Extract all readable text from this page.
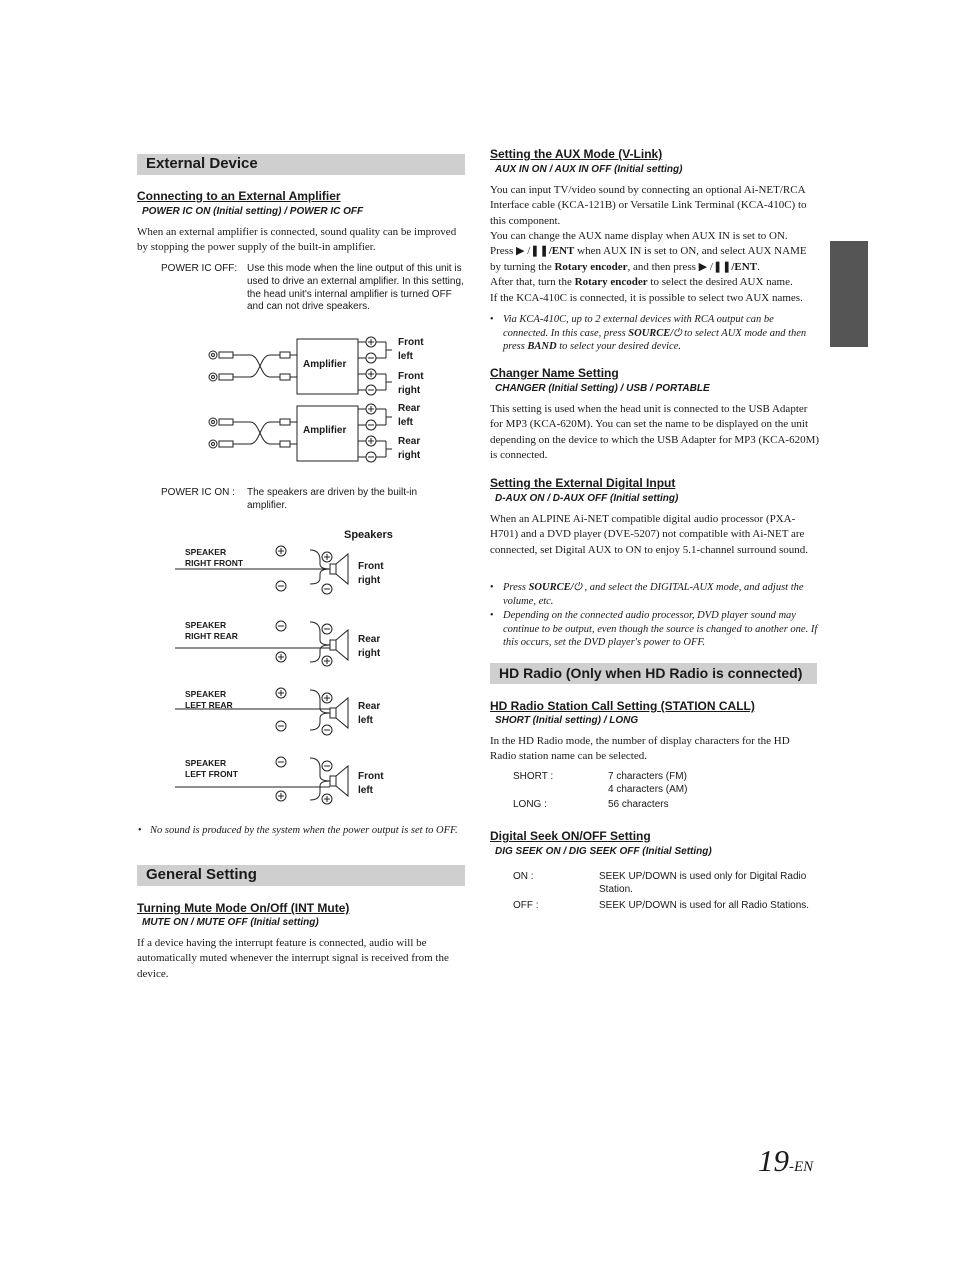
External Device
Connecting to an External Amplifier
POWER IC ON (Initial setting) / POWER IC OFF
When an external amplifier is connected, sound quality can be improved by stopping the power supply of the built-in amplifier.
POWER IC OFF: Use this mode when the line output of this unit is used to drive an external amplifier. In this setting, the head unit's internal amplifier is turned OFF and can not drive speakers.
Amplifier
Amplifier
Front
left
Front
right
Rear
left
Rear
right
POWER IC ON : The speakers are driven by the built-in amplifier.
Speakers
SPEAKER
RIGHT FRONT	Front
right
SPEAKER
RIGHT REAR	Rear
right
SPEAKER
LEFT REAR	Rear
left
SPEAKER
LEFT FRONT	Front
left
• No sound is produced by the system when the power output is set to OFF.
General Setting
Turning Mute Mode On/Off (INT Mute)
MUTE ON / MUTE OFF (Initial setting)
If a device having the interrupt feature is connected, audio will be automatically muted whenever the interrupt signal is received from the device.
Setting the AUX Mode (V-Link)
AUX IN ON / AUX IN OFF (Initial setting)
You can input TV/video sound by connecting an optional Ai-NET/RCA Interface cable (KCA-121B) or Versatile Link Terminal (KCA-410C) to this component.
You can change the AUX name display when AUX IN is set to ON.
Press ▶ /❚❚/ENT when AUX IN is set to ON, and select AUX NAME by turning the Rotary encoder, and then press ▶ /❚❚/ENT.
After that, turn the Rotary encoder to select the desired AUX name.
If the KCA-410C is connected, it is possible to select two AUX names.
• Via KCA-410C, up to 2 external devices with RCA output can be connected. In this case, press SOURCE/⏻ to select AUX mode and then press BAND to select your desired device.
Changer Name Setting
CHANGER (Initial Setting) / USB / PORTABLE
This setting is used when the head unit is connected to the USB Adapter for MP3 (KCA-620M). You can set the name to be displayed on the unit depending on the device to which the USB Adapter for MP3 (KCA-620M) is connected.
Setting the External Digital Input
D-AUX ON / D-AUX OFF (Initial setting)
When an ALPINE Ai-NET compatible digital audio processor (PXA-H701) and a DVD player (DVE-5207) not compatible with Ai-NET are connected, set Digital AUX to ON to enjoy 5.1-channel surround sound.
• Press SOURCE/⏻ , and select the DIGITAL-AUX mode, and adjust the volume, etc.
• Depending on the connected audio processor, DVD player sound may continue to be output, even though the source is changed to another one. If this occurs, set the DVD player's power to OFF.
HD Radio (Only when HD Radio is connected)
HD Radio Station Call Setting (STATION CALL)
SHORT (Initial setting) / LONG
In the HD Radio mode, the number of display characters for the HD Radio station name can be selected.
SHORT :	7 characters (FM)
4 characters (AM)
LONG :	56 characters
Digital Seek ON/OFF Setting
DIG SEEK ON / DIG SEEK OFF (Initial Setting)
ON :	SEEK UP/DOWN is used only for Digital Radio Station.
OFF :	SEEK UP/DOWN is used for all Radio Stations.
19-EN
